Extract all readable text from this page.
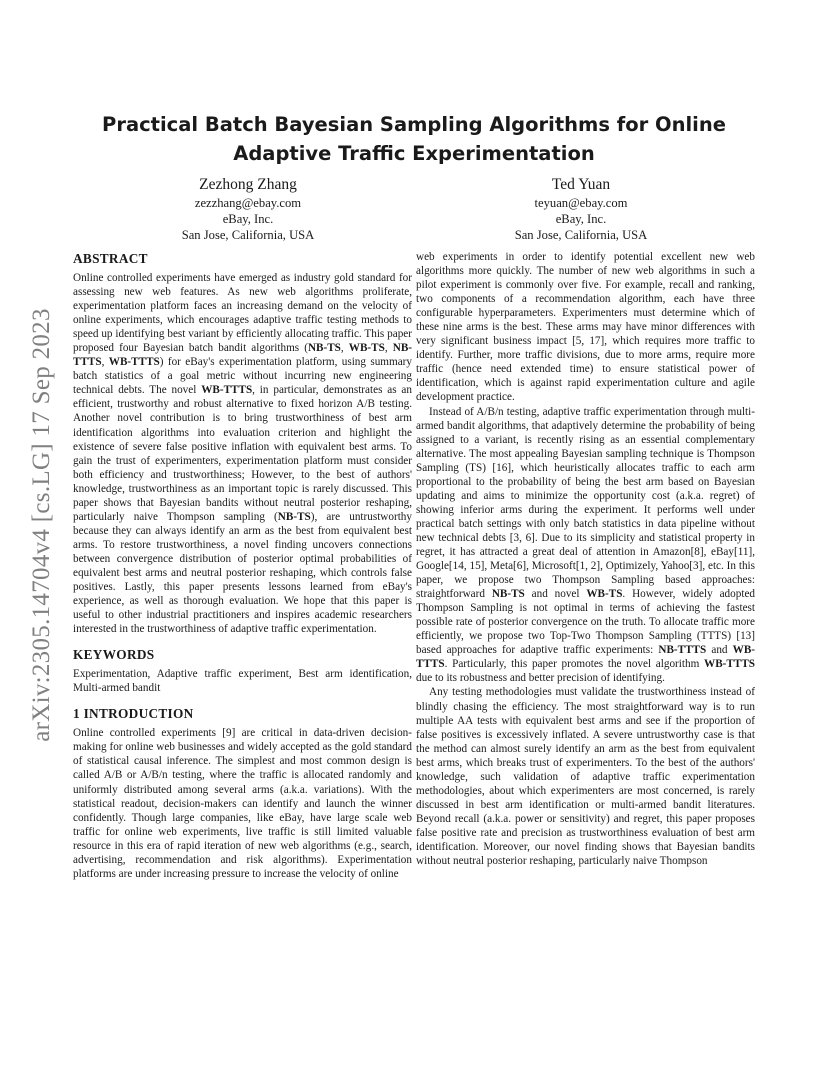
arXiv:2305.14704v4 [cs.LG] 17 Sep 2023
Practical Batch Bayesian Sampling Algorithms for Online Adaptive Traffic Experimentation
Zezhong Zhang
zezzhang@ebay.com
eBay, Inc.
San Jose, California, USA
Ted Yuan
teyuan@ebay.com
eBay, Inc.
San Jose, California, USA
ABSTRACT

Online controlled experiments have emerged as industry gold standard for assessing new web features. As new web algorithms proliferate, experimentation platform faces an increasing demand on the velocity of online experiments, which encourages adaptive traffic testing methods to speed up identifying best variant by efficiently allocating traffic. This paper proposed four Bayesian batch bandit algorithms (NB-TS, WB-TS, NB-TTTS, WB-TTTS) for eBay's experimentation platform, using summary batch statistics of a goal metric without incurring new engineering technical debts. The novel WB-TTTS, in particular, demonstrates as an efficient, trustworthy and robust alternative to fixed horizon A/B testing. Another novel contribution is to bring trustworthiness of best arm identification algorithms into evaluation criterion and highlight the existence of severe false positive inflation with equivalent best arms. To gain the trust of experimenters, experimentation platform must consider both efficiency and trustworthiness; However, to the best of authors' knowledge, trustworthiness as an important topic is rarely discussed. This paper shows that Bayesian bandits without neutral posterior reshaping, particularly naive Thompson sampling (NB-TS), are untrustworthy because they can always identify an arm as the best from equivalent best arms. To restore trustworthiness, a novel finding uncovers connections between convergence distribution of posterior optimal probabilities of equivalent best arms and neutral posterior reshaping, which controls false positives. Lastly, this paper presents lessons learned from eBay's experience, as well as thorough evaluation. We hope that this paper is useful to other industrial practitioners and inspires academic researchers interested in the trustworthiness of adaptive traffic experimentation.

KEYWORDS

Experimentation, Adaptive traffic experiment, Best arm identification, Multi-armed bandit

1 INTRODUCTION

Online controlled experiments [9] are critical in data-driven decision-making for online web businesses and widely accepted as the gold standard of statistical causal inference. The simplest and most common design is called A/B or A/B/n testing, where the traffic is allocated randomly and uniformly distributed among several arms (a.k.a. variations). With the statistical readout, decision-makers can identify and launch the winner confidently. Though large companies, like eBay, have large scale web traffic for online web experiments, live traffic is still limited valuable resource in this era of rapid iteration of new web algorithms (e.g., search, advertising, recommendation and risk algorithms). Experimentation platforms are under increasing pressure to increase the velocity of online

web experiments in order to identify potential excellent new web algorithms more quickly. The number of new web algorithms in such a pilot experiment is commonly over five. For example, recall and ranking, two components of a recommendation algorithm, each have three configurable hyperparameters. Experimenters must determine which of these nine arms is the best. These arms may have minor differences with very significant business impact [5, 17], which requires more traffic to identify. Further, more traffic divisions, due to more arms, require more traffic (hence need extended time) to ensure statistical power of identification, which is against rapid experimentation culture and agile development practice.

Instead of A/B/n testing, adaptive traffic experimentation through multi-armed bandit algorithms, that adaptively determine the probability of being assigned to a variant, is recently rising as an essential complementary alternative. The most appealing Bayesian sampling technique is Thompson Sampling (TS) [16], which heuristically allocates traffic to each arm proportional to the probability of being the best arm based on Bayesian updating and aims to minimize the opportunity cost (a.k.a. regret) of showing inferior arms during the experiment. It performs well under practical batch settings with only batch statistics in data pipeline without new technical debts [3, 6]. Due to its simplicity and statistical property in regret, it has attracted a great deal of attention in Amazon[8], eBay[11], Google[14, 15], Meta[6], Microsoft[1, 2], Optimizely, Yahoo[3], etc. In this paper, we propose two Thompson Sampling based approaches: straightforward NB-TS and novel WB-TS. However, widely adopted Thompson Sampling is not optimal in terms of achieving the fastest possible rate of posterior convergence on the truth. To allocate traffic more efficiently, we propose two Top-Two Thompson Sampling (TTTS) [13] based approaches for adaptive traffic experiments: NB-TTTS and WB-TTTS. Particularly, this paper promotes the novel algorithm WB-TTTS due to its robustness and better precision of identifying.

Any testing methodologies must validate the trustworthiness instead of blindly chasing the efficiency. The most straightforward way is to run multiple AA tests with equivalent best arms and see if the proportion of false positives is excessively inflated. A severe untrustworthy case is that the method can almost surely identify an arm as the best from equivalent best arms, which breaks trust of experimenters. To the best of the authors' knowledge, such validation of adaptive traffic experimentation methodologies, about which experimenters are most concerned, is rarely discussed in best arm identification or multi-armed bandit literatures. Beyond recall (a.k.a. power or sensitivity) and regret, this paper proposes false positive rate and precision as trustworthiness evaluation of best arm identification. Moreover, our novel finding shows that Bayesian bandits without neutral posterior reshaping, particularly naive Thompson
